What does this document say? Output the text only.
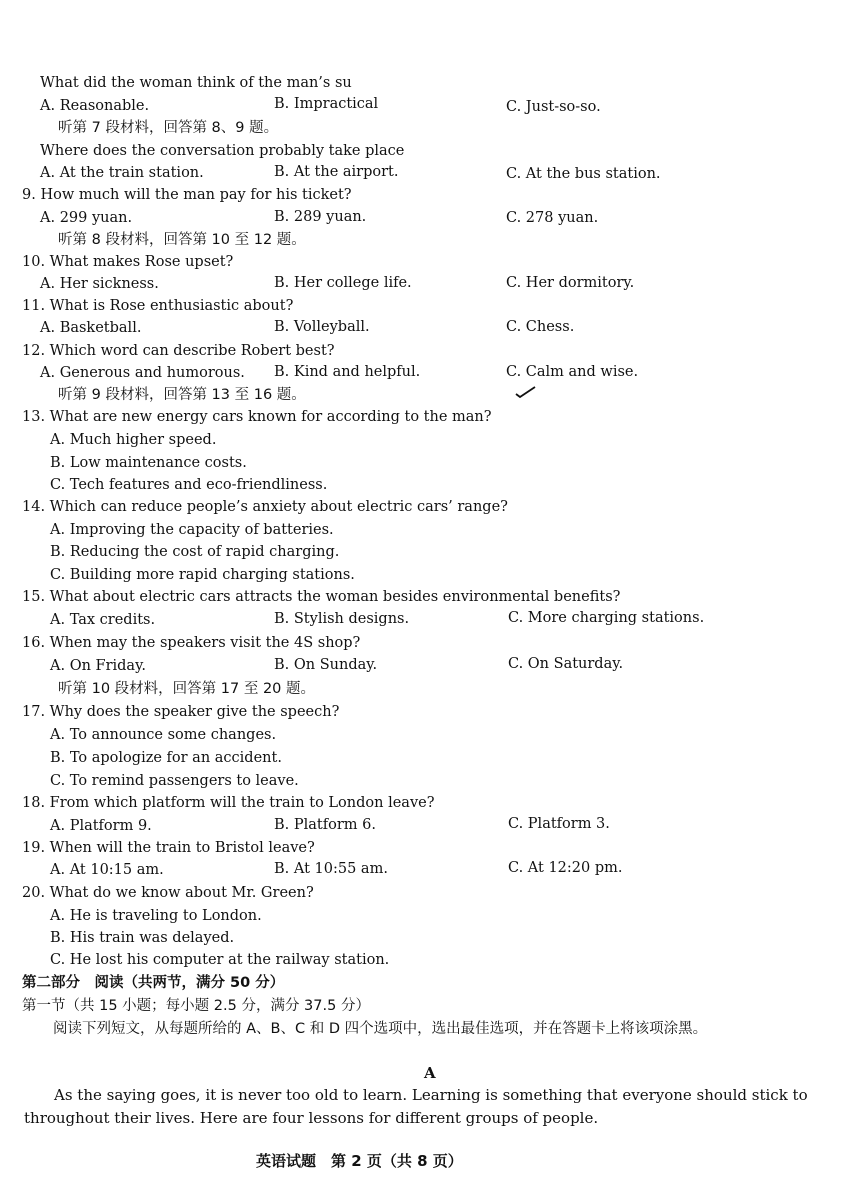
What did the woman think of the man’s su
A. Reasonable.	B. Impractical	C. Just-so-so.
听第 7 段材料，回答第 8、9 题。
Where does the conversation probably take place
A. At the train station.	B. At the airport.	C. At the bus station.
9. How much will the man pay for his ticket?
A. 299 yuan.	B. 289 yuan.	C. 278 yuan.
听第 8 段材料，回答第 10 至 12 题。
10. What makes Rose upset?
A. Her sickness.	B. Her college life.	C. Her dormitory.
11. What is Rose enthusiastic about?
A. Basketball.	B. Volleyball.	C. Chess.
12. Which word can describe Robert best?
A. Generous and humorous. B. Kind and helpful.	C. Calm and wise.
听第 9 段材料，回答第 13 至 16 题。
13. What are new energy cars known for according to the man?
A. Much higher speed.
B. Low maintenance costs.
C. Tech features and eco-friendliness.
14. Which can reduce people’s anxiety about electric cars’ range?
A. Improving the capacity of batteries.
B. Reducing the cost of rapid charging.
C. Building more rapid charging stations.
15. What about electric cars attracts the woman besides environmental benefits?
A. Tax credits.	B. Stylish designs.	C. More charging stations.
16. When may the speakers visit the 4S shop?
A. On Friday.	B. On Sunday.	C. On Saturday.
听第 10 段材料，回答第 17 至 20 题。
17. Why does the speaker give the speech?
A. To announce some changes.
B. To apologize for an accident.
C. To remind passengers to leave.
18. From which platform will the train to London leave?
A. Platform 9.	B. Platform 6.	C. Platform 3.
19. When will the train to Bristol leave?
A. At 10:15 am.	B. At 10:55 am.	C. At 12:20 pm.
20. What do we know about Mr. Green?
A. He is traveling to London.
B. His train was delayed.
C. He lost his computer at the railway station.
第二部分　阅读（共两节，满分 50 分）
第一节（共 15 小题；每小题 2.5 分，满分 37.5 分）
阅读下列短文，从每题所给的 A、B、C 和 D 四个选项中，选出最佳选项，并在答题卡上将该项涂黑。
A
As the saying goes, it is never too old to learn. Learning is something that everyone should stick to throughout their lives. Here are four lessons for different groups of people.
英语试题　第 2 页（共 8 页）
